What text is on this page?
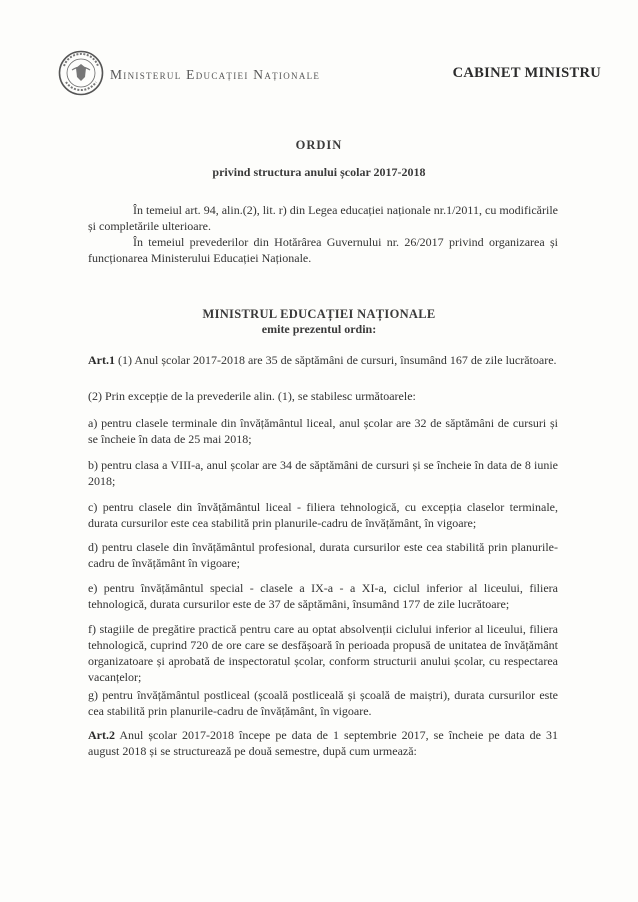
Ministerul Educației Naționale	CABINET MINISTRU
ORDIN
privind structura anului școlar 2017-2018
În temeiul art. 94, alin.(2), lit. r) din Legea educației naționale nr.1/2011, cu modificările și completările ulterioare.
În temeiul prevederilor din Hotărârea Guvernului nr. 26/2017 privind organizarea și funcționarea Ministerului Educației Naționale.
MINISTRUL EDUCAȚIEI NAȚIONALE
emite prezentul ordin:
Art.1 (1) Anul școlar 2017-2018 are 35 de săptămâni de cursuri, însumând 167 de zile lucrătoare.
(2) Prin excepție de la prevederile alin. (1), se stabilesc următoarele:
a) pentru clasele terminale din învățământul liceal, anul școlar are 32 de săptămâni de cursuri și se încheie în data de 25 mai 2018;
b) pentru clasa a VIII-a, anul școlar are 34 de săptămâni de cursuri și se încheie în data de 8 iunie 2018;
c) pentru clasele din învățământul liceal - filiera tehnologică, cu excepția claselor terminale, durata cursurilor este cea stabilită prin planurile-cadru de învățământ, în vigoare;
d) pentru clasele din învățământul profesional, durata cursurilor este cea stabilită prin planurile-cadru de învățământ în vigoare;
e) pentru învățământul special - clasele a IX-a - a XI-a, ciclul inferior al liceului, filiera tehnologică, durata cursurilor este de 37 de săptămâni, însumând 177 de zile lucrătoare;
f) stagiile de pregătire practică pentru care au optat absolvenții ciclului inferior al liceului, filiera tehnologică, cuprind 720 de ore care se desfășoară în perioada propusă de unitatea de învățământ organizatoare și aprobată de inspectoratul școlar, conform structurii anului școlar, cu respectarea vacanțelor;
g) pentru învățământul postliceal (școală postliceală și școală de maiștri), durata cursurilor este cea stabilită prin planurile-cadru de învățământ, în vigoare.
Art.2 Anul școlar 2017-2018 începe pe data de 1 septembrie 2017, se încheie pe data de 31 august 2018 și se structurează pe două semestre, după cum urmează:
